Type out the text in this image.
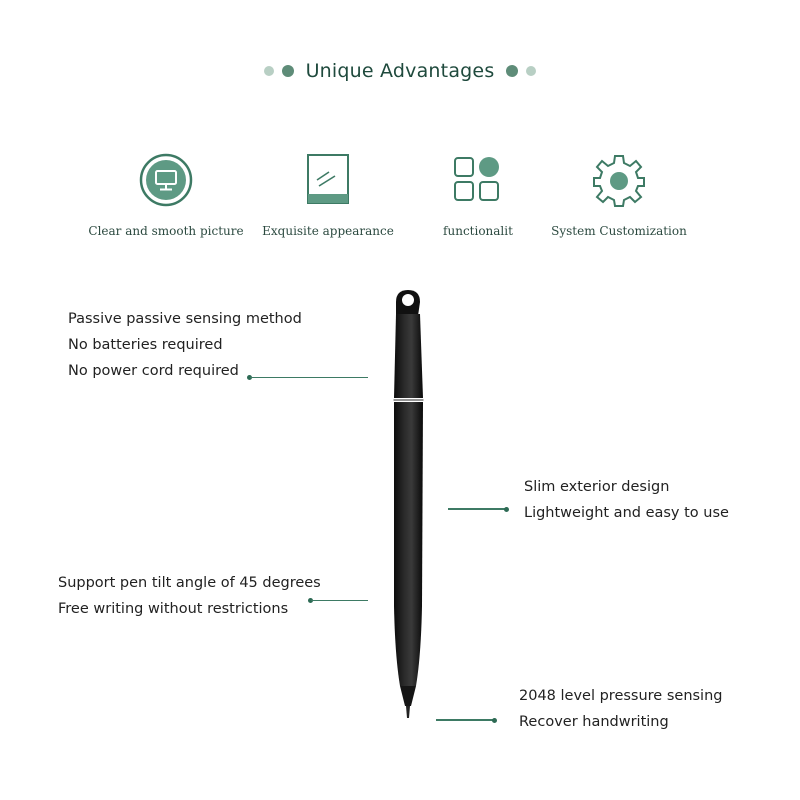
Unique Advantages
Clear and smooth picture	Exquisite appearance	functionalit	System Customization
Passive passive sensing method
No batteries required
No power cord required
Slim exterior design
Lightweight and easy to use
Support pen tilt angle of 45 degrees
Free writing without restrictions
2048 level pressure sensing
Recover handwriting
